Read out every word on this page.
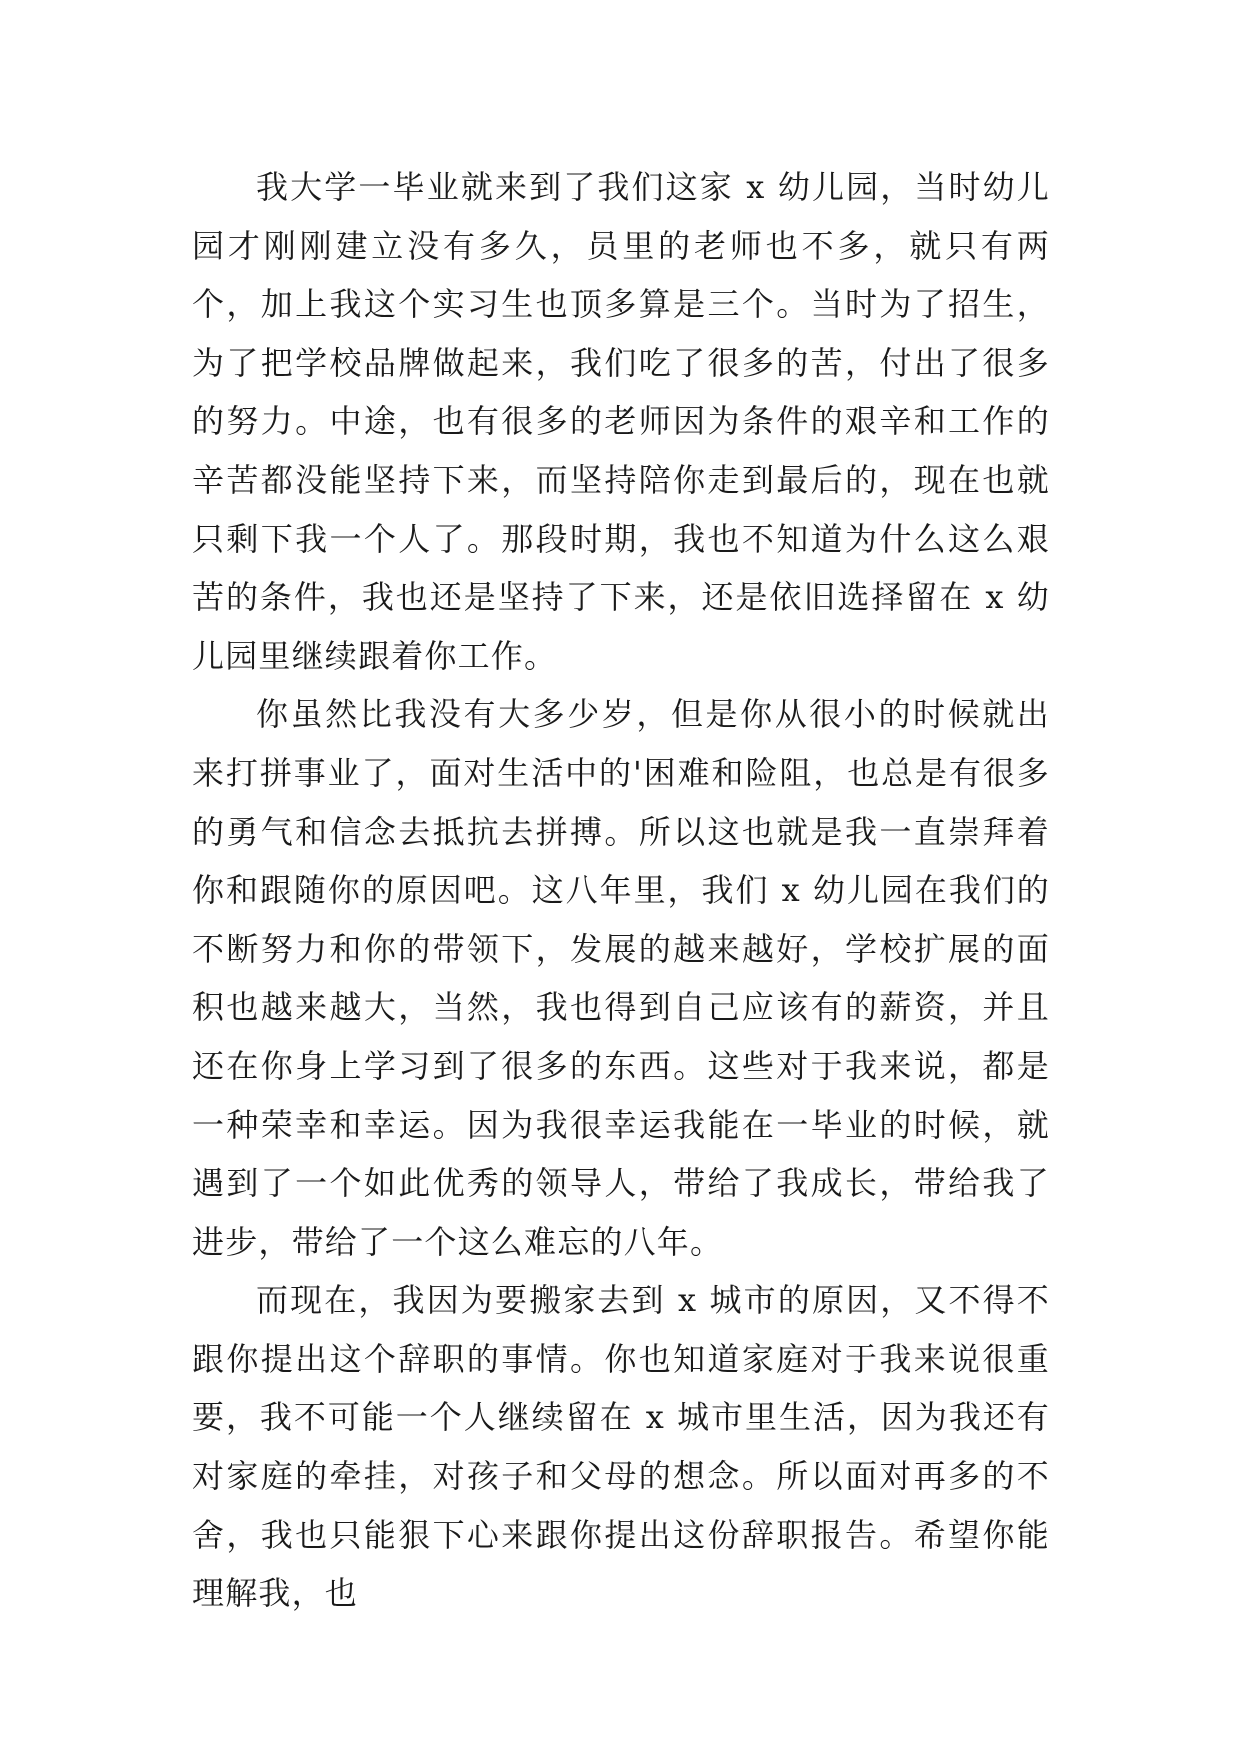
我大学一毕业就来到了我们这家 x 幼儿园，当时幼儿园才刚刚建立没有多久，员里的老师也不多，就只有两个，加上我这个实习生也顶多算是三个。当时为了招生，为了把学校品牌做起来，我们吃了很多的苦，付出了很多的努力。中途，也有很多的老师因为条件的艰辛和工作的辛苦都没能坚持下来，而坚持陪你走到最后的，现在也就只剩下我一个人了。那段时期，我也不知道为什么这么艰苦的条件，我也还是坚持了下来，还是依旧选择留在 x 幼儿园里继续跟着你工作。

你虽然比我没有大多少岁，但是你从很小的时候就出来打拼事业了，面对生活中的'困难和险阻，也总是有很多的勇气和信念去抵抗去拼搏。所以这也就是我一直崇拜着你和跟随你的原因吧。这八年里，我们 x 幼儿园在我们的不断努力和你的带领下，发展的越来越好，学校扩展的面积也越来越大，当然，我也得到自己应该有的薪资，并且还在你身上学习到了很多的东西。这些对于我来说，都是一种荣幸和幸运。因为我很幸运我能在一毕业的时候，就遇到了一个如此优秀的领导人，带给了我成长，带给我了进步，带给了一个这么难忘的八年。

而现在，我因为要搬家去到 x 城市的原因，又不得不跟你提出这个辞职的事情。你也知道家庭对于我来说很重要，我不可能一个人继续留在 x 城市里生活，因为我还有对家庭的牵挂，对孩子和父母的想念。所以面对再多的不舍，我也只能狠下心来跟你提出这份辞职报告。希望你能理解我，也
